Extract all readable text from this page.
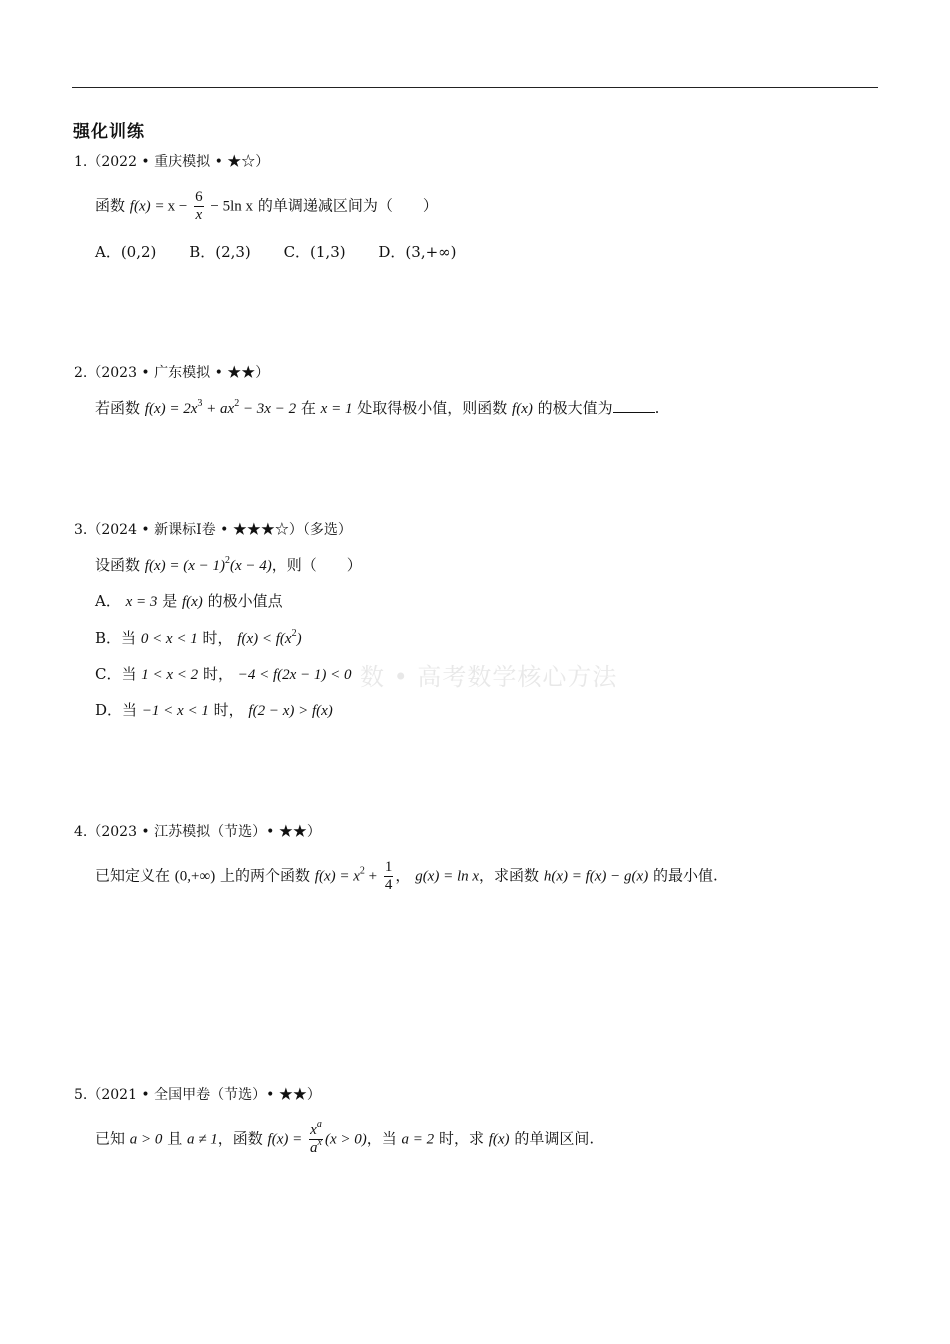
强化训练
数 • 高考数学核心方法
1.（2022 • 重庆模拟 • ★☆）
函数 $f(x) = x - \frac{6}{x} - 5\ln$ x 的单调递减区间为（　　）
A．(0,2) B．(2,3) C．(1,3) D．(3,+∞)
2.（2023 • 广东模拟 • ★★）
若函数 $f(x) = 2x^3 + ax^2 - 3x - 2$ 在 x = 1 处取得极小值，则函数 f(x) 的极大值为	.
3.（2024 • 新课标Ⅰ卷 • ★★★☆）（多选）
设函数 $f(x) = (x - 1)^2(x - 4)$，则（　　）
A． x = 3 是 f(x) 的极小值点
B．当 0 < x < 1 时， $f(x) < f(x^2)$
C．当 1 < x < 2 时， −4 < f(2x − 1) < 0
D．当 −1 < x < 1 时， f(2 − x) > f(x)
4.（2023 • 江苏模拟（节选）• ★★）
已知定义在 (0,+∞) 上的两个函数 $f(x) = x^2 + \frac{1}{4}$ ， g(x) = ln x，求函数 h(x) = f(x) − g(x) 的最小值.
5.（2021 • 全国甲卷（节选）• ★★）
已知 a > 0 且 a ≠ 1，函数 $f(x) = \frac{x^a}{a^x} (x > 0)$，当 a = 2 时，求 f(x) 的单调区间.
